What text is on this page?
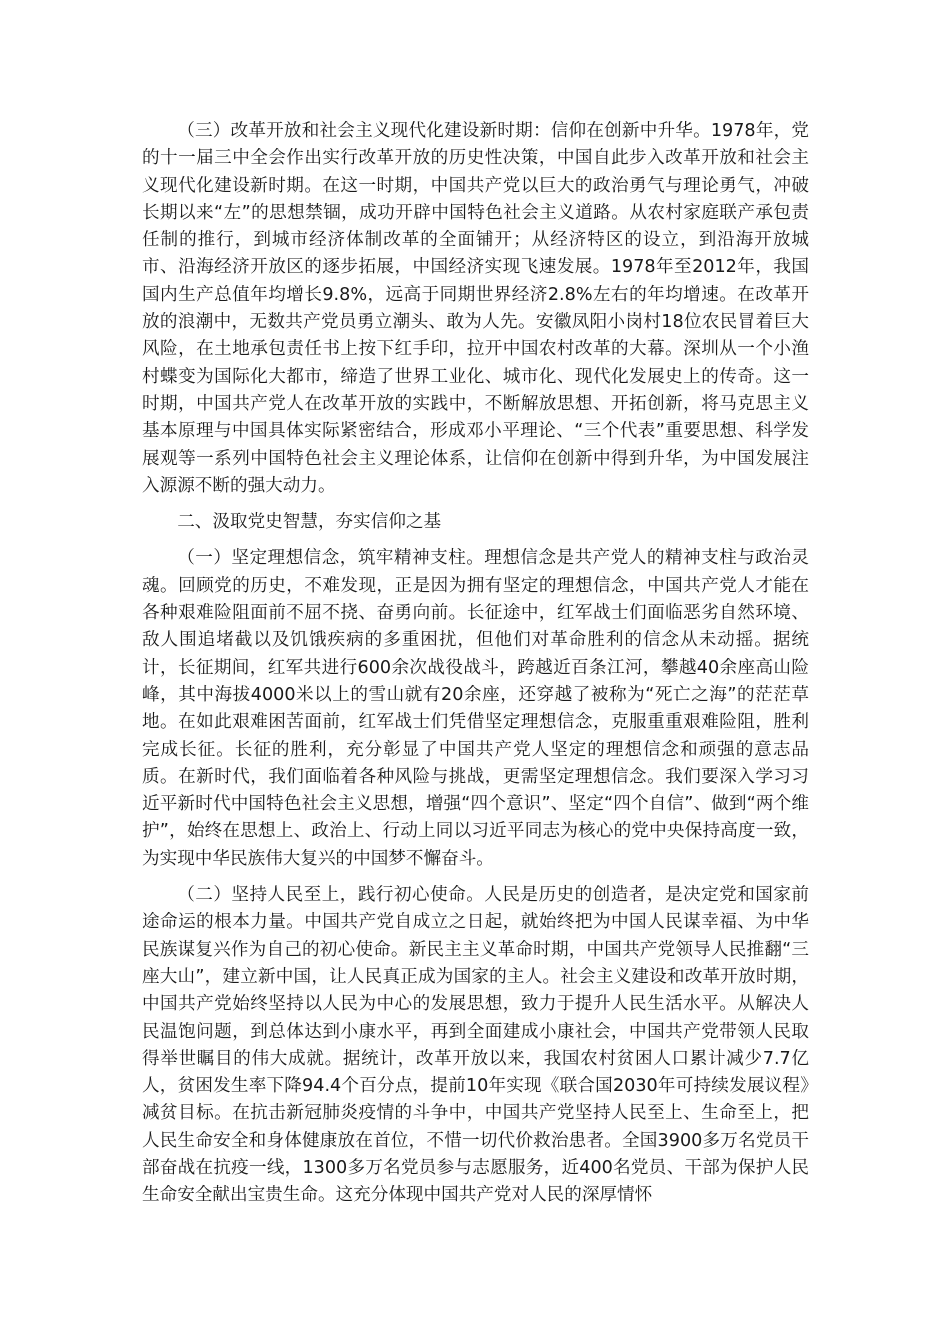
（三）改革开放和社会主义现代化建设新时期：信仰在创新中升华。1978年，党的十一届三中全会作出实行改革开放的历史性决策，中国自此步入改革开放和社会主义现代化建设新时期。在这一时期，中国共产党以巨大的政治勇气与理论勇气，冲破长期以来“左”的思想禁锢，成功开辟中国特色社会主义道路。从农村家庭联产承包责任制的推行，到城市经济体制改革的全面铺开；从经济特区的设立，到沿海开放城市、沿海经济开放区的逐步拓展，中国经济实现飞速发展。1978年至2012年，我国国内生产总值年均增长9.8%，远高于同期世界经济2.8%左右的年均增速。在改革开放的浪潮中，无数共产党员勇立潮头、敢为人先。安徽凤阳小岗村18位农民冒着巨大风险，在土地承包责任书上按下红手印，拉开中国农村改革的大幕。深圳从一个小渔村蝶变为国际化大都市，缔造了世界工业化、城市化、现代化发展史上的传奇。这一时期，中国共产党人在改革开放的实践中，不断解放思想、开拓创新，将马克思主义基本原理与中国具体实际紧密结合，形成邓小平理论、“三个代表”重要思想、科学发展观等一系列中国特色社会主义理论体系，让信仰在创新中得到升华，为中国发展注入源源不断的强大动力。

二、汲取党史智慧，夯实信仰之基

（一）坚定理想信念，筑牢精神支柱。理想信念是共产党人的精神支柱与政治灵魂。回顾党的历史，不难发现，正是因为拥有坚定的理想信念，中国共产党人才能在各种艰难险阻面前不屈不挠、奋勇向前。长征途中，红军战士们面临恶劣自然环境、敌人围追堵截以及饥饿疾病的多重困扰，但他们对革命胜利的信念从未动摇。据统计，长征期间，红军共进行600余次战役战斗，跨越近百条江河，攀越40余座高山险峰，其中海拔4000米以上的雪山就有20余座，还穿越了被称为“死亡之海”的茫茫草地。在如此艰难困苦面前，红军战士们凭借坚定理想信念，克服重重艰难险阻，胜利完成长征。长征的胜利，充分彰显了中国共产党人坚定的理想信念和顽强的意志品质。在新时代，我们面临着各种风险与挑战，更需坚定理想信念。我们要深入学习习近平新时代中国特色社会主义思想，增强“四个意识”、坚定“四个自信”、做到“两个维护”，始终在思想上、政治上、行动上同以习近平同志为核心的党中央保持高度一致，为实现中华民族伟大复兴的中国梦不懈奋斗。

（二）坚持人民至上，践行初心使命。人民是历史的创造者，是决定党和国家前途命运的根本力量。中国共产党自成立之日起，就始终把为中国人民谋幸福、为中华民族谋复兴作为自己的初心使命。新民主主义革命时期，中国共产党领导人民推翻“三座大山”，建立新中国，让人民真正成为国家的主人。社会主义建设和改革开放时期，中国共产党始终坚持以人民为中心的发展思想，致力于提升人民生活水平。从解决人民温饱问题，到总体达到小康水平，再到全面建成小康社会，中国共产党带领人民取得举世瞩目的伟大成就。据统计，改革开放以来，我国农村贫困人口累计减少7.7亿人，贫困发生率下降94.4个百分点，提前10年实现《联合国2030年可持续发展议程》减贫目标。在抗击新冠肺炎疫情的斗争中，中国共产党坚持人民至上、生命至上，把人民生命安全和身体健康放在首位，不惜一切代价救治患者。全国3900多万名党员干部奋战在抗疫一线，1300多万名党员参与志愿服务，近400名党员、干部为保护人民生命安全献出宝贵生命。这充分体现中国共产党对人民的深厚情怀
